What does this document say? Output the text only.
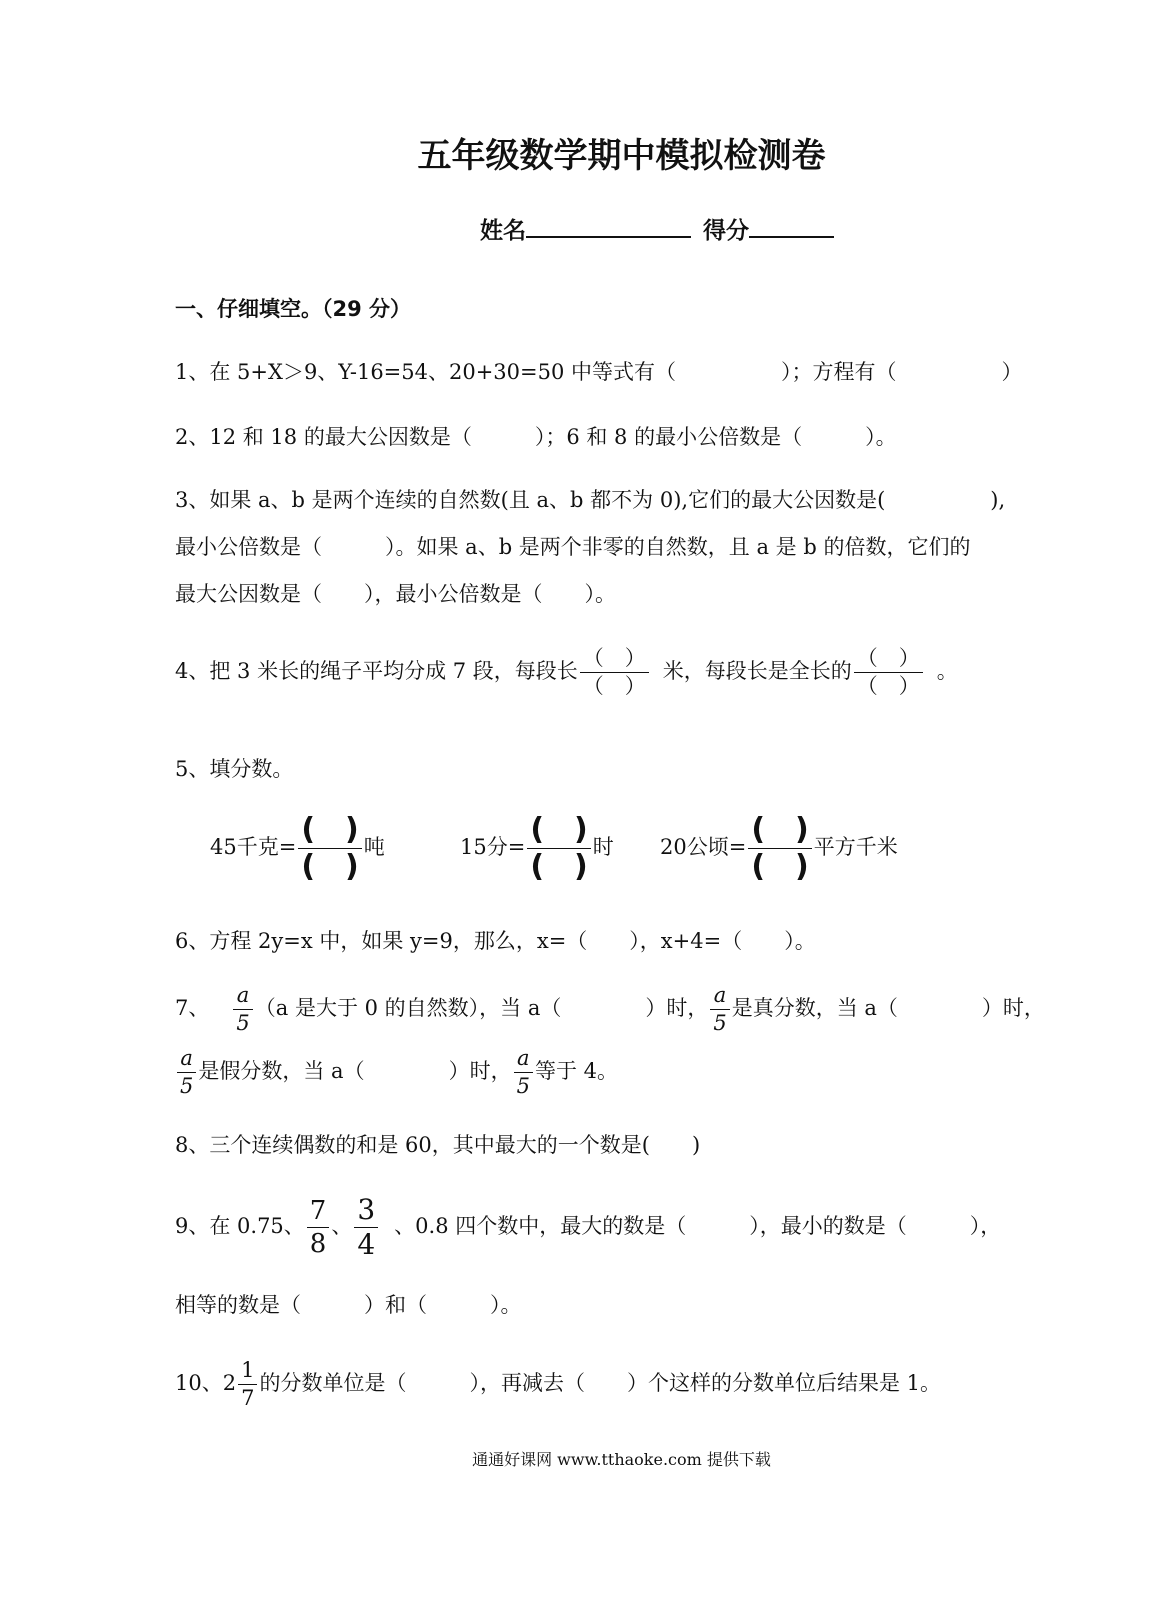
五年级数学期中模拟检测卷
姓名	得分
一、仔细填空。（29 分）
1、在 5+X＞9、Y-16=54、20+30=50 中等式有（　　　　　）；方程有（　　　　　）
2、12 和 18 的最大公因数是（　　　）；6 和 8 的最小公倍数是（　　　）。
3、如果 a、b 是两个连续的自然数(且 a、b 都不为 0),它们的最大公因数是(　　　　　),
最小公倍数是（　　　）。如果 a、b 是两个非零的自然数，且 a 是 b 的倍数，它们的
最大公因数是（　　），最小公倍数是（　　）。
4、把 3 米长的绳子平均分成 7 段，每段长 $\frac{( )}{( )}$ 米，每段长是全长的 $\frac{( )}{( )}$ 。
5、填分数。
45千克= $\frac{( )}{( )}$ 吨	15分= $\frac{( )}{( )}$ 时 20公顷= $\frac{( )}{( )}$ 平方千米
6、方程 2y=x 中，如果 y=9，那么，x=（　　），x+4=（　　）。
7、 $\frac{a}{5} (a$ 是大于 0 的自然数），当 a（　　　　）时， $\frac{a}{5}$ 是真分数，当 a（　　　　）时，
$\frac{a}{5}$ 是假分数，当 a（　　　　）时， $\frac{a}{5}$ 等于 4。
8、三个连续偶数的和是 60，其中最大的一个数是(　　)
9、在 0.75、 $\frac{7}{8}$ 、 $\frac{3}{4}$ 、0.8 四个数中，最大的数是（　　　），最小的数是（　　　），
相等的数是（　　　）和（　　　）。
10、$2 \frac{1}{7}$ 的分数单位是（　　　），再减去（　　）个这样的分数单位后结果是 1。
通通好课网 www.tthaoke.com 提供下载
